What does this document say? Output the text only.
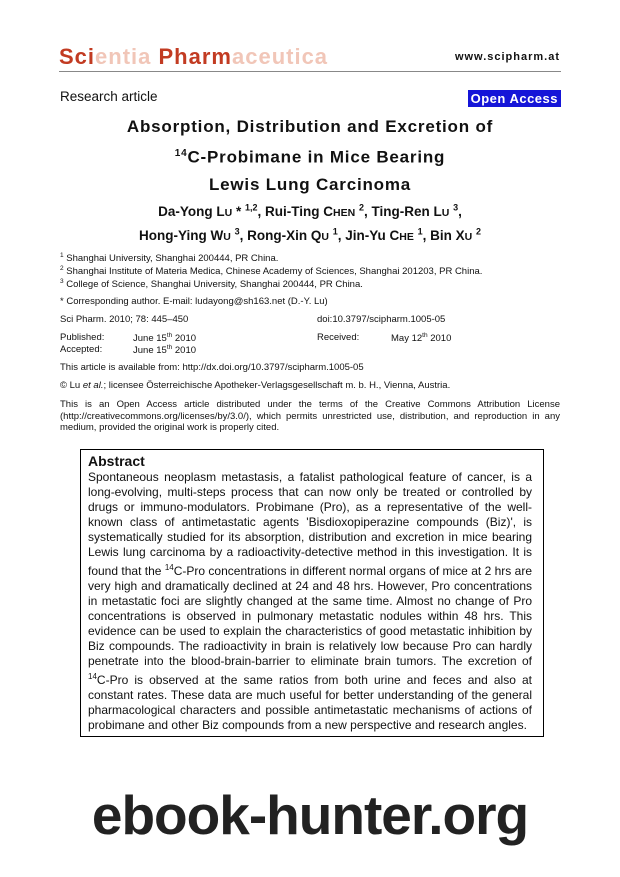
Scientia Pharmaceutica	www.scipharm.at
Research article	Open Access
Absorption, Distribution and Excretion of
$^{14}$C-Probimane in Mice Bearing
Lewis Lung Carcinoma
Da-Yong LU * $^{1,2}$, Rui-Ting CHEN $^2$, Ting-Ren LU $^3$,
Hong-Ying WU $^3$, Rong-Xin QU $^1$, Jin-Yu CHE $^1$, Bin XU $^2$
$^1$ Shanghai University, Shanghai 200444, PR China.
$^2$ Shanghai Institute of Materia Medica, Chinese Academy of Sciences, Shanghai 201203, PR China.
$^3$ College of Science, Shanghai University, Shanghai 200444, PR China.
* Corresponding author. E-mail: ludayong@sh163.net (D.-Y. Lu)
Sci Pharm. 2010; 78: 445–450	doi:10.3797/scipharm.1005-05
Published:	June 15th 2010	Received:	May 12th 2010
Accepted:	June 15th 2010
This article is available from: http://dx.doi.org/10.3797/scipharm.1005-05
© Lu et al.; licensee Österreichische Apotheker-Verlagsgesellschaft m. b. H., Vienna, Austria.
This is an Open Access article distributed under the terms of the Creative Commons Attribution License (http://creativecommons.org/licenses/by/3.0/), which permits unrestricted use, distribution, and reproduction in any medium, provided the original work is properly cited.
Abstract
Spontaneous neoplasm metastasis, a fatalist pathological feature of cancer, is a long-evolving, multi-steps process that can now only be treated or controlled by drugs or immuno-modulators. Probimane (Pro), as a representative of the well-known class of antimetastatic agents 'Bisdioxopiperazine compounds (Biz)', is systematically studied for its absorption, distribution and excretion in mice bearing Lewis lung carcinoma by a radioactivity-detective method in this investigation. It is found that the $^{14}$C-Pro concentrations in different normal organs of mice at 2 hrs are very high and dramatically declined at 24 and 48 hrs. However, Pro concentrations in metastatic foci are slightly changed at the same time. Almost no change of Pro concentrations is observed in pulmonary metastatic nodules within 48 hrs. This evidence can be used to explain the characteristics of good metastatic inhibition by Biz compounds. The radioactivity in brain is relatively low because Pro can hardly penetrate into the blood-brain-barrier to eliminate brain tumors. The excretion of $^{14}$C-Pro is observed at the same ratios from both urine and feces and also at constant rates. These data are much useful for better understanding of the general pharmacological characters and possible antimetastatic mechanisms of actions of probimane and other Biz compounds from a new perspective and research angles.
ebook-hunter.org
